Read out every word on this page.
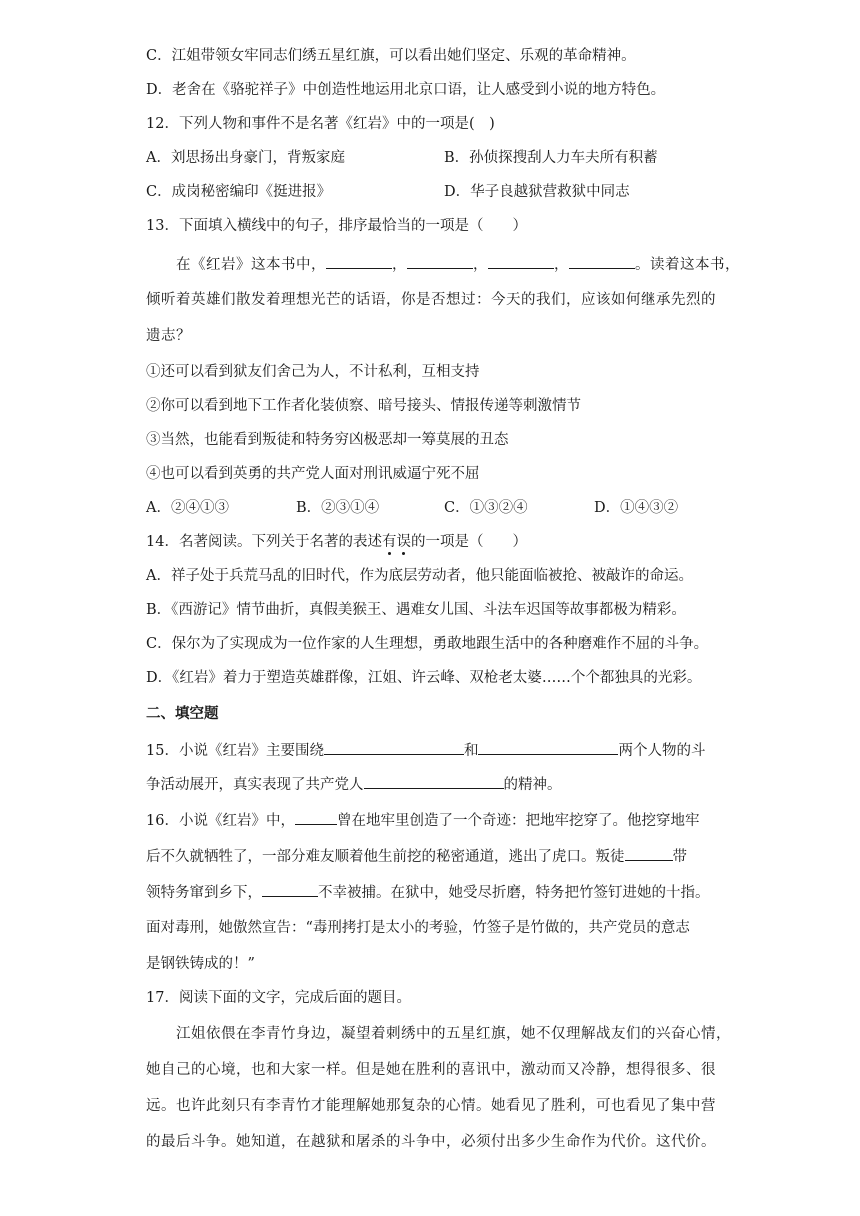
C．江姐带领女牢同志们绣五星红旗，可以看出她们坚定、乐观的革命精神。
D．老舍在《骆驼祥子》中创造性地运用北京口语，让人感受到小说的地方特色。
12．下列人物和事件不是名著《红岩》中的一项是(　)
A．刘思扬出身豪门，背叛家庭	B．孙侦探搜刮人力车夫所有积蓄
C．成岗秘密编印《挺进报》	D．华子良越狱营救狱中同志
13．下面填入横线中的句子，排序最恰当的一项是（　　）
在《红岩》这本书中，	，	，	，	。读着这本书，
倾听着英雄们散发着理想光芒的话语，你是否想过：今天的我们，应该如何继承先烈的
遗志？
①还可以看到狱友们舍己为人，不计私利，互相支持
②你可以看到地下工作者化装侦察、暗号接头、情报传递等刺激情节
③当然，也能看到叛徒和特务穷凶极恶却一筹莫展的丑态
④也可以看到英勇的共产党人面对刑讯威逼宁死不屈
A．②④①③	B．②③①④	C．①③②④	D．①④③②
14．名著阅读。下列关于名著的表述有误的一项是（　　）
A．祥子处于兵荒马乱的旧时代，作为底层劳动者，他只能面临被抢、被敲诈的命运。
B．《西游记》情节曲折，真假美猴王、遇难女儿国、斗法车迟国等故事都极为精彩。
C．保尔为了实现成为一位作家的人生理想，勇敢地跟生活中的各种磨难作不屈的斗争。
D．《红岩》着力于塑造英雄群像，江姐、许云峰、双枪老太婆……个个都独具的光彩。
二、填空题
15．小说《红岩》主要围绕	和	两个人物的斗
争活动展开，真实表现了共产党人	的精神。
16．小说《红岩》中，	曾在地牢里创造了一个奇迹：把地牢挖穿了。他挖穿地牢
后不久就牺牲了，一部分难友顺着他生前挖的秘密通道，逃出了虎口。叛徒	带
领特务窜到乡下，	不幸被捕。在狱中，她受尽折磨，特务把竹签钉进她的十指。
面对毒刑，她傲然宣告：“毒刑拷打是太小的考验，竹签子是竹做的，共产党员的意志
是钢铁铸成的！”
17．阅读下面的文字，完成后面的题目。
江姐依偎在李青竹身边，凝望着刺绣中的五星红旗，她不仅理解战友们的兴奋心情，
她自己的心境，也和大家一样。但是她在胜利的喜讯中，激动而又冷静，想得很多、很
远。也许此刻只有李青竹才能理解她那复杂的心情。她看见了胜利，可也看见了集中营
的最后斗争。她知道，在越狱和屠杀的斗争中，必须付出多少生命作为代价。这代价。
